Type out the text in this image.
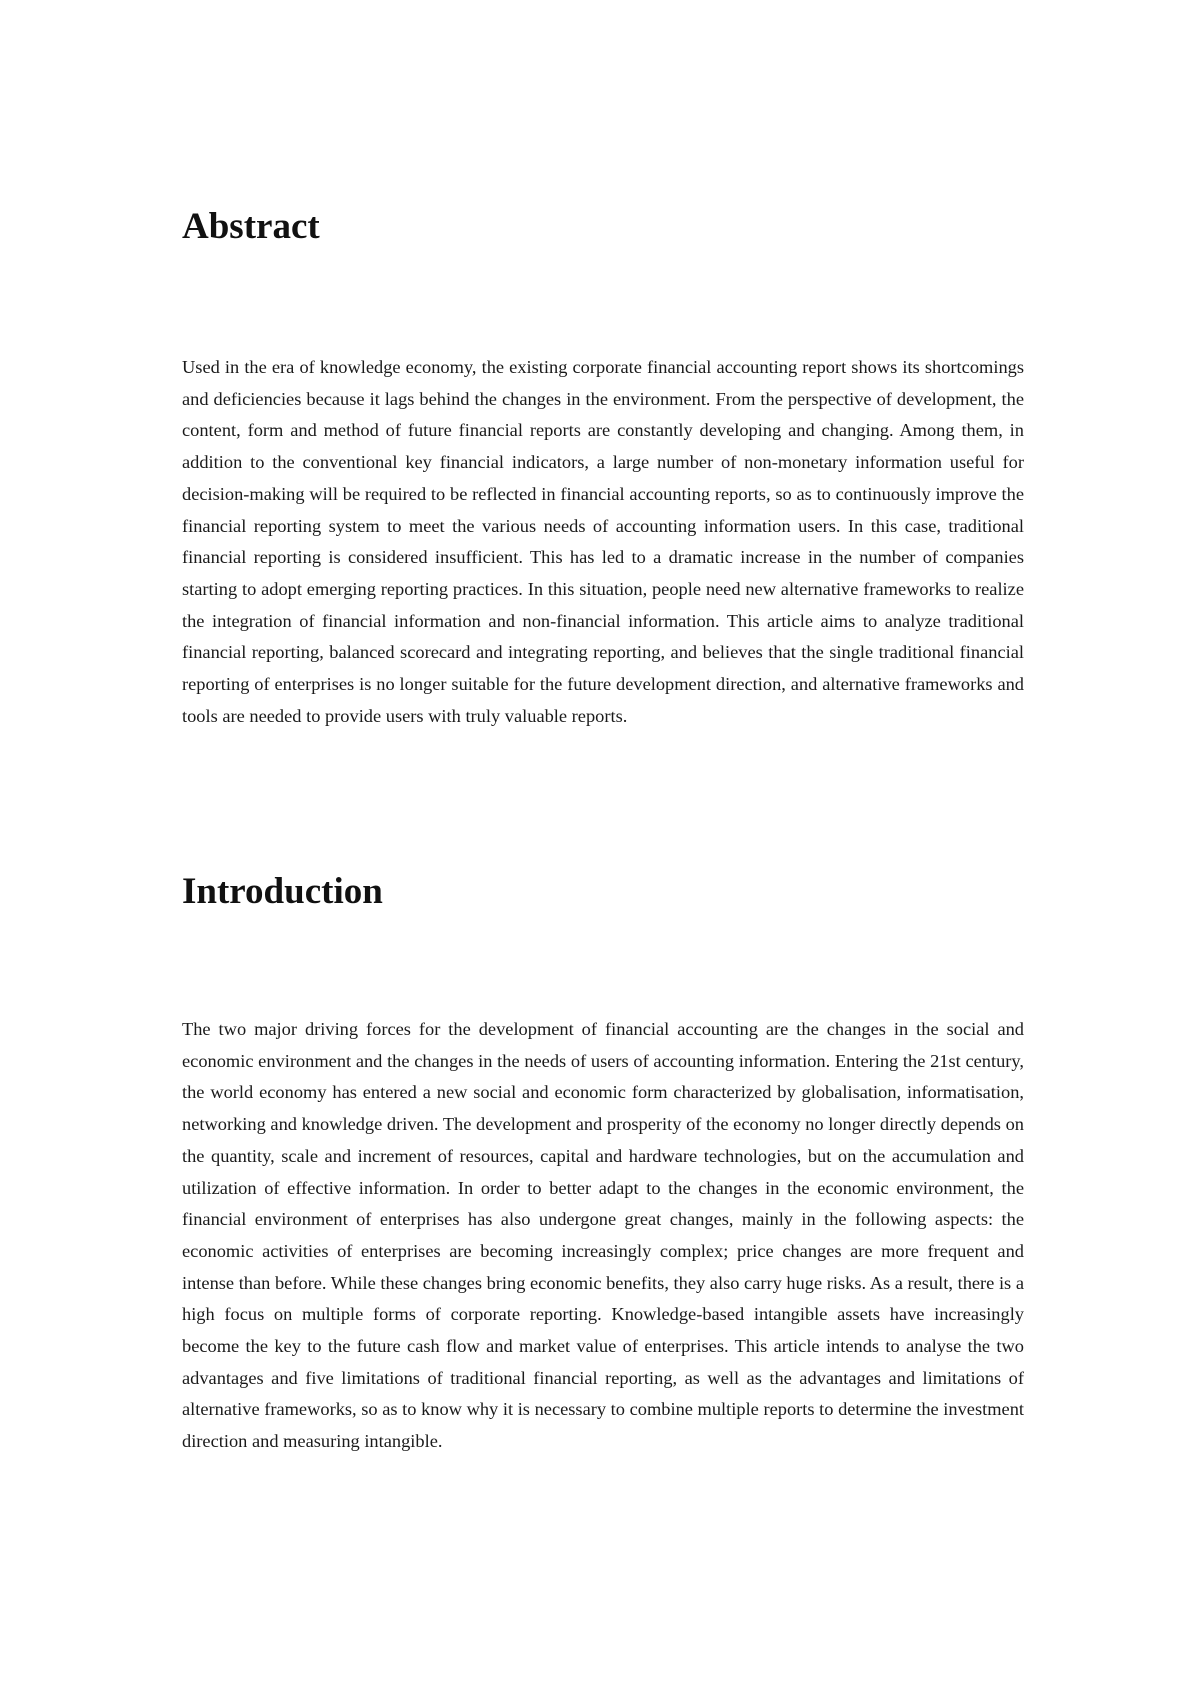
Abstract

Used in the era of knowledge economy, the existing corporate financial accounting report shows its shortcomings and deficiencies because it lags behind the changes in the environment. From the perspective of development, the content, form and method of future financial reports are constantly developing and changing. Among them, in addition to the conventional key financial indicators, a large number of non-monetary information useful for decision-making will be required to be reflected in financial accounting reports, so as to continuously improve the financial reporting system to meet the various needs of accounting information users. In this case, traditional financial reporting is considered insufficient. This has led to a dramatic increase in the number of companies starting to adopt emerging reporting practices. In this situation, people need new alternative frameworks to realize the integration of financial information and non-financial information. This article aims to analyze traditional financial reporting, balanced scorecard and integrating reporting, and believes that the single traditional financial reporting of enterprises is no longer suitable for the future development direction, and alternative frameworks and tools are needed to provide users with truly valuable reports.

Introduction

The two major driving forces for the development of financial accounting are the changes in the social and economic environment and the changes in the needs of users of accounting information. Entering the 21st century, the world economy has entered a new social and economic form characterized by globalisation, informatisation, networking and knowledge driven. The development and prosperity of the economy no longer directly depends on the quantity, scale and increment of resources, capital and hardware technologies, but on the accumulation and utilization of effective information. In order to better adapt to the changes in the economic environment, the financial environment of enterprises has also undergone great changes, mainly in the following aspects: the economic activities of enterprises are becoming increasingly complex; price changes are more frequent and intense than before. While these changes bring economic benefits, they also carry huge risks. As a result, there is a high focus on multiple forms of corporate reporting. Knowledge-based intangible assets have increasingly become the key to the future cash flow and market value of enterprises. This article intends to analyse the two advantages and five limitations of traditional financial reporting, as well as the advantages and limitations of alternative frameworks, so as to know why it is necessary to combine multiple reports to determine the investment direction and measuring intangible.
